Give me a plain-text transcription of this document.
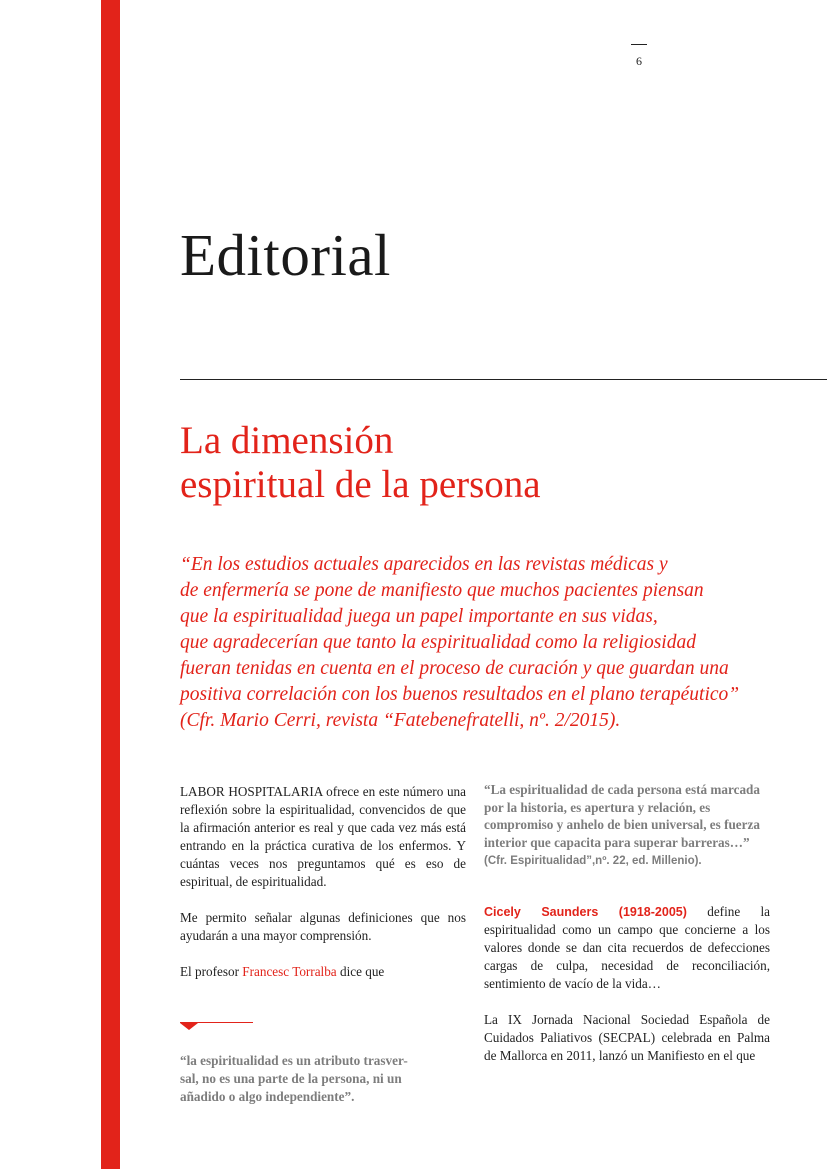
6
Editorial
La dimensión
espiritual de la persona
“En los estudios actuales aparecidos en las revistas médicas y
de enfermería se pone de manifiesto que muchos pacientes piensan
que la espiritualidad juega un papel importante en sus vidas,
que agradecerían que tanto la espiritualidad como la religiosidad
fueran tenidas en cuenta en el proceso de curación y que guardan una
positiva correlación con los buenos resultados en el plano terapéutico”
(Cfr. Mario Cerri, revista “Fatebenefratelli, nº. 2/2015).

LABOR HOSPITALARIA ofrece en este número una reflexión sobre la espiritualidad, convencidos de que la afirmación anterior es real y que cada vez más está entrando en la práctica curativa de los enfermos. Y cuántas veces nos preguntamos qué es eso de espiritual, de espiritualidad.

Me permito señalar algunas definiciones que nos ayudarán a una mayor comprensión.

El profesor Francesc Torralba dice que

“la espiritualidad es un atributo trasver-
sal, no es una parte de la persona, ni un
añadido o algo independiente”.

“La espiritualidad de cada persona está marcada por la historia, es apertura y relación, es compromiso y anhelo de bien universal, es fuerza interior que capacita para superar barreras…”
(Cfr. Espiritualidad”,nº. 22, ed. Millenio).

Cicely Saunders (1918-2005) define la espiritualidad como un campo que concierne a los valores donde se dan cita recuerdos de defecciones cargas de culpa, necesidad de reconciliación, sentimiento de vacío de la vida…

La IX Jornada Nacional Sociedad Española de Cuidados Paliativos (SECPAL) celebrada en Palma de Mallorca en 2011, lanzó un Manifiesto en el que
